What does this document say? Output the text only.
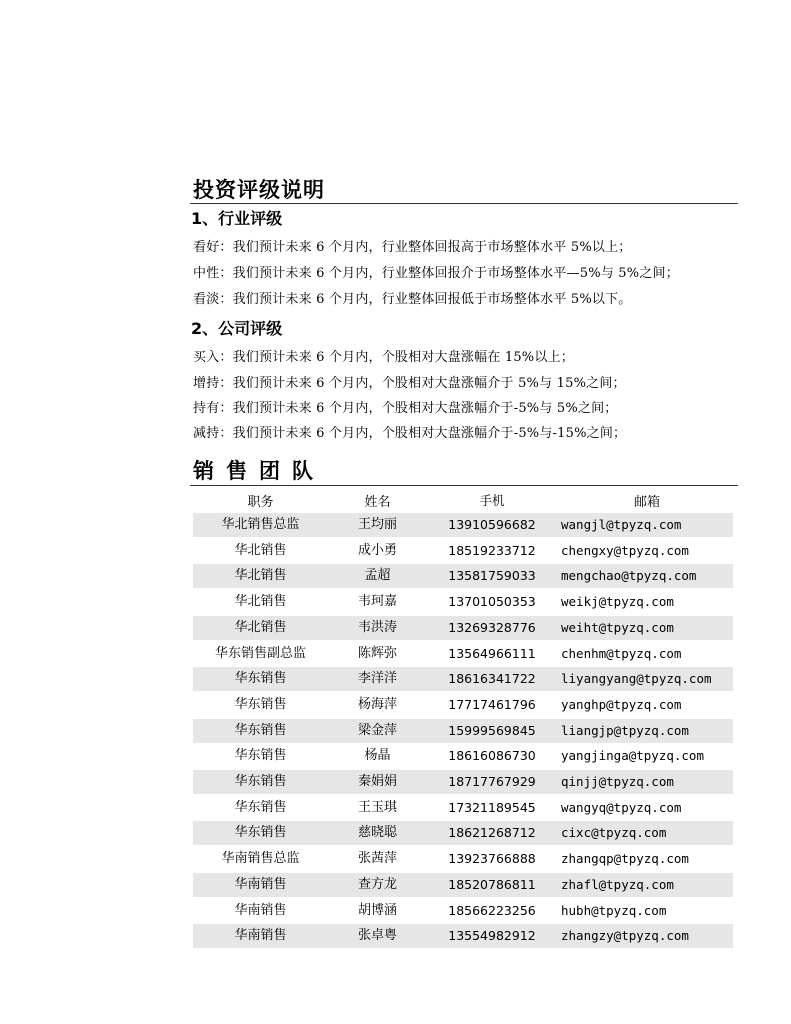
投资评级说明
1、行业评级
看好：我们预计未来 6 个月内，行业整体回报高于市场整体水平 5%以上；
中性：我们预计未来 6 个月内，行业整体回报介于市场整体水平—5%与 5%之间；
看淡：我们预计未来 6 个月内，行业整体回报低于市场整体水平 5%以下。
2、公司评级
买入：我们预计未来 6 个月内，个股相对大盘涨幅在 15%以上；
增持：我们预计未来 6 个月内，个股相对大盘涨幅介于 5%与 15%之间；
持有：我们预计未来 6 个月内，个股相对大盘涨幅介于-5%与 5%之间；
减持：我们预计未来 6 个月内，个股相对大盘涨幅介于-5%与-15%之间；
销售团队
职务	姓名	手机	邮箱
华北销售总监	王均丽	13910596682	wangjl@tpyzq.com
华北销售	成小勇	18519233712	chengxy@tpyzq.com
华北销售	孟超	13581759033	mengchao@tpyzq.com
华北销售	韦珂嘉	13701050353	weikj@tpyzq.com
华北销售	韦洪涛	13269328776	weiht@tpyzq.com
华东销售副总监	陈辉弥	13564966111	chenhm@tpyzq.com
华东销售	李洋洋	18616341722	liyangyang@tpyzq.com
华东销售	杨海萍	17717461796	yanghp@tpyzq.com
华东销售	梁金萍	15999569845	liangjp@tpyzq.com
华东销售	杨晶	18616086730	yangjinga@tpyzq.com
华东销售	秦娟娟	18717767929	qinjj@tpyzq.com
华东销售	王玉琪	17321189545	wangyq@tpyzq.com
华东销售	慈晓聪	18621268712	cixc@tpyzq.com
华南销售总监	张茜萍	13923766888	zhangqp@tpyzq.com
华南销售	查方龙	18520786811	zhafl@tpyzq.com
华南销售	胡博涵	18566223256	hubh@tpyzq.com
华南销售	张卓粤	13554982912	zhangzy@tpyzq.com
